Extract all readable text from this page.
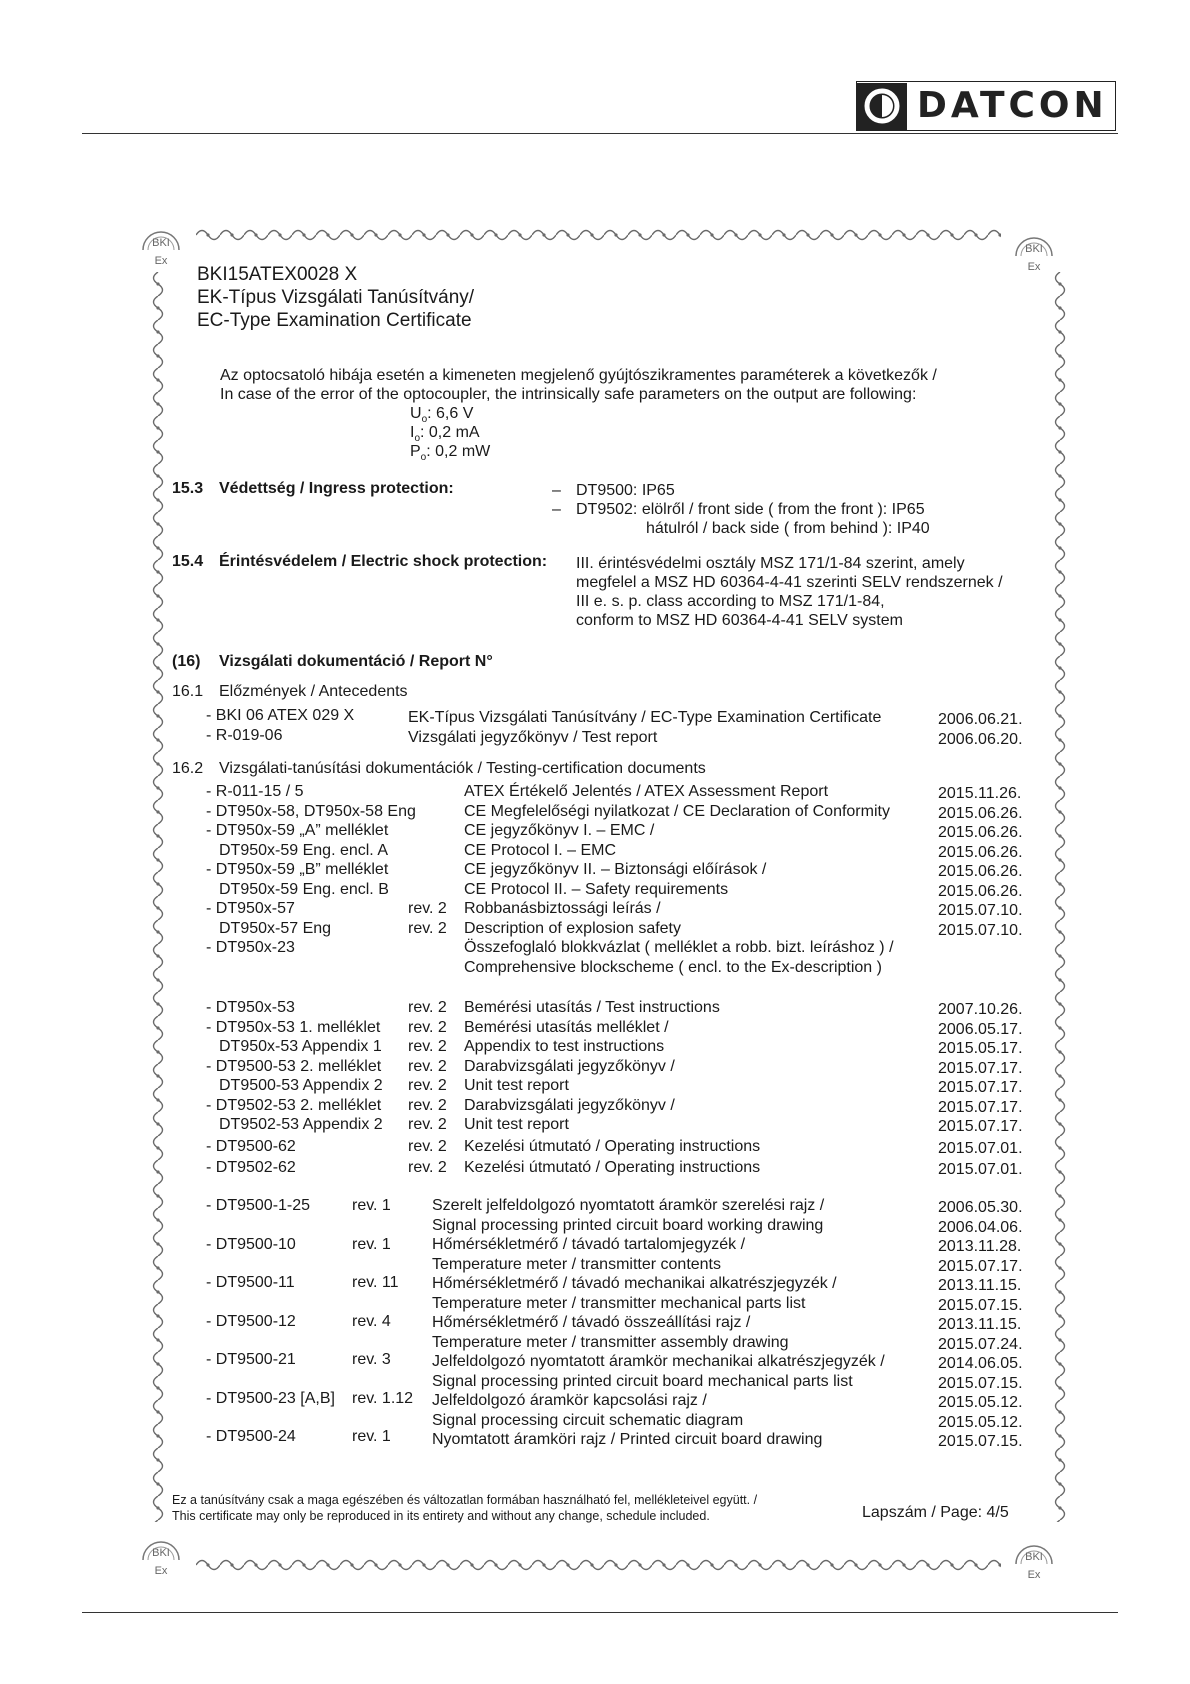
DATCON
BKI
Ex
BKI
Ex
BKI
Ex
BKI
Ex
BKI15ATEX0028 X
EK-Típus Vizsgálati Tanúsítvány/
EC-Type Examination Certificate
Az optocsatoló hibája esetén a kimeneten megjelenő gyújtószikramentes paraméterek a következők /
In case of the error of the optocoupler, the intrinsically safe parameters on the output are following:
$U_o$: 6,6 V
$I_o$: 0,2 mA
$P_o$: 0,2 mW
15.3 Védettség / Ingress protection:	– DT9500: IP65
– DT9502: elölről / front side ( from the front ): IP65
hátulról / back side ( from behind ): IP40
15.4 Érintésvédelem / Electric shock protection: III. érintésvédelmi osztály MSZ 171/1-84 szerint, amely
megfelel a MSZ HD 60364-4-41 szerinti SELV rendszernek /
III e. s. p. class according to MSZ 171/1-84,
conform to MSZ HD 60364-4-41 SELV system
(16) Vizsgálati dokumentáció / Report N°
16.1 Előzmények / Antecedents
- BKI 06 ATEX 029 X
- R-019-06
EK-Típus Vizsgálati Tanúsítvány / EC-Type Examination Certificate
Vizsgálati jegyzőkönyv / Test report
2006.06.21.
2006.06.20.
16.2 Vizsgálati-tanúsítási dokumentációk / Testing-certification documents
- R-011-15 / 5
- DT950x-58, DT950x-58 Eng
- DT950x-59 „A” melléklet
DT950x-59 Eng. encl. A
- DT950x-59 „B” melléklet
DT950x-59 Eng. encl. B
- DT950x-57
DT950x-57 Eng
- DT950x-23
rev. 2
rev. 2
ATEX Értékelő Jelentés / ATEX Assessment Report
CE Megfelelőségi nyilatkozat / CE Declaration of Conformity
CE jegyzőkönyv I. – EMC /
CE Protocol I. – EMC
CE jegyzőkönyv II. – Biztonsági előírások /
CE Protocol II. – Safety requirements
Robbanásbiztossági leírás /
Description of explosion safety
Összefoglaló blokkvázlat ( melléklet a robb. bizt. leíráshoz ) /
Comprehensive blockscheme ( encl. to the Ex-description )
2015.11.26.
2015.06.26.
2015.06.26.
2015.06.26.
2015.06.26.
2015.06.26.
2015.07.10.
2015.07.10.
- DT950x-53
- DT950x-53 1. melléklet
DT950x-53 Appendix 1
- DT9500-53 2. melléklet
DT9500-53 Appendix 2
- DT9502-53 2. melléklet
DT9502-53 Appendix 2
- DT9500-62
- DT9502-62
rev. 2
rev. 2
rev. 2
rev. 2
rev. 2
rev. 2
rev. 2
rev. 2
rev. 2
Bemérési utasítás / Test instructions
Bemérési utasítás melléklet /
Appendix to test instructions
Darabvizsgálati jegyzőkönyv /
Unit test report
Darabvizsgálati jegyzőkönyv /
Unit test report
Kezelési útmutató / Operating instructions
Kezelési útmutató / Operating instructions
2007.10.26.
2006.05.17.
2015.05.17.
2015.07.17.
2015.07.17.
2015.07.17.
2015.07.17.
2015.07.01.
2015.07.01.
- DT9500-1-25
- DT9500-10
- DT9500-11
- DT9500-12
- DT9500-21
- DT9500-23 [A,B]
- DT9500-24
rev. 1
rev. 1
rev. 11
rev. 4
rev. 3
rev. 1.12
rev. 1
Szerelt jelfeldolgozó nyomtatott áramkör szerelési rajz /
Signal processing printed circuit board working drawing
Hőmérsékletmérő / távadó tartalomjegyzék /
Temperature meter / transmitter contents
Hőmérsékletmérő / távadó mechanikai alkatrészjegyzék /
Temperature meter / transmitter mechanical parts list
Hőmérsékletmérő / távadó összeállítási rajz /
Temperature meter / transmitter assembly drawing
Jelfeldolgozó nyomtatott áramkör mechanikai alkatrészjegyzék /
Signal processing printed circuit board mechanical parts list
Jelfeldolgozó áramkör kapcsolási rajz /
Signal processing circuit schematic diagram
Nyomtatott áramköri rajz / Printed circuit board drawing
2006.05.30.
2006.04.06.
2013.11.28.
2015.07.17.
2013.11.15.
2015.07.15.
2013.11.15.
2015.07.24.
2014.06.05.
2015.07.15.
2015.05.12.
2015.05.12.
2015.07.15.
Ez a tanúsítvány csak a maga egészében és változatlan formában használható fel, mellékleteivel együtt. /
This certificate may only be reproduced in its entirety and without any change, schedule included.	Lapszám / Page: 4/5
